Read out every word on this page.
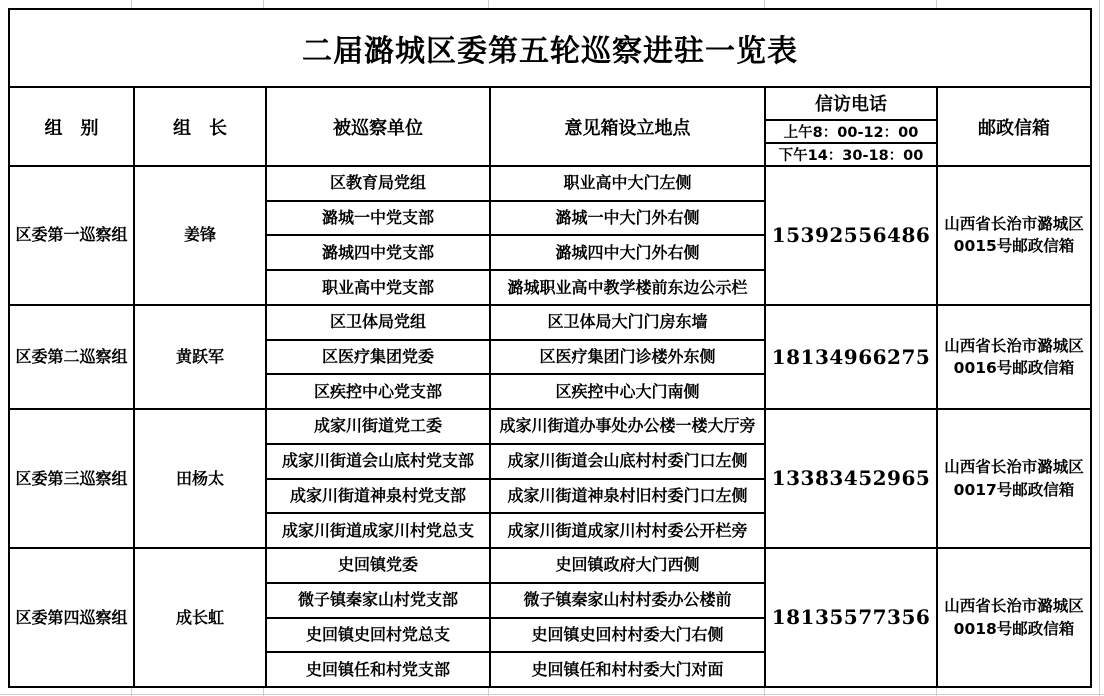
二届潞城区委第五轮巡察进驻一览表
组　别	组　长	被巡察单位	意见箱设立地点
信访电话
上午8：00-12：00
下午14：30-18：00
邮政信箱
区委第一巡察组	姜锋
区教育局党组	职业高中大门左侧
潞城一中党支部	潞城一中大门外右侧
潞城四中党支部	潞城四中大门外右侧
职业高中党支部	潞城职业高中教学楼前东边公示栏
15392556486 山西省长治市潞城区0015号邮政信箱
区委第二巡察组	黄跃军
区卫体局党组	区卫体局大门门房东墙
区医疗集团党委	区医疗集团门诊楼外东侧
区疾控中心党支部	区疾控中心大门南侧
18134966275 山西省长治市潞城区0016号邮政信箱
区委第三巡察组	田杨太
成家川街道党工委	成家川街道办事处办公楼一楼大厅旁
成家川街道会山底村党支部	成家川街道会山底村村委门口左侧
成家川街道神泉村党支部	成家川街道神泉村旧村委门口左侧
成家川街道成家川村党总支	成家川街道成家川村村委公开栏旁
13383452965 山西省长治市潞城区0017号邮政信箱
区委第四巡察组	成长虹
史回镇党委	史回镇政府大门西侧
微子镇秦家山村党支部	微子镇秦家山村村委办公楼前
史回镇史回村党总支	史回镇史回村村委大门右侧
史回镇任和村党支部	史回镇任和村村委大门对面
18135577356 山西省长治市潞城区0018号邮政信箱
